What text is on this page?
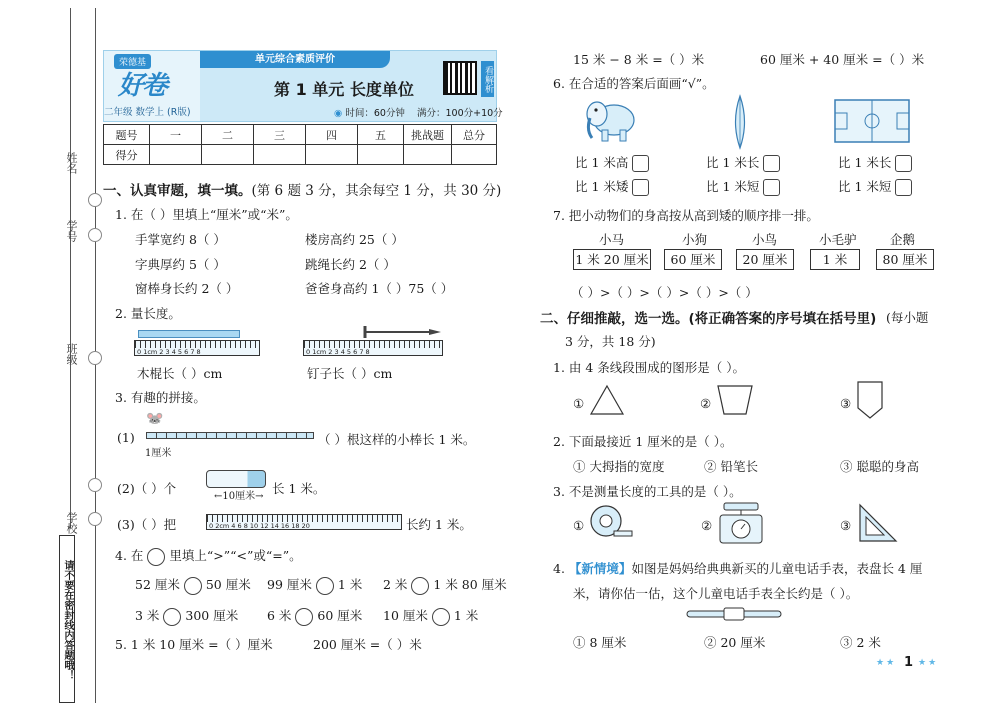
姓名
学号
班级
学校
请不要在密封线内答题哦！
荣德基
好卷
二年级 数学上 (R版)
单元综合素质评价
第 1 单元 长度单位
◉ 时间：60分钟 满分：100分+10分
看解析
题号	一	二	三	四	五	挑战题	总分
得分							
一、认真审题，填一填。(第 6 题 3 分，其余每空 1 分，共 30 分)
1. 在（ ）里填上“厘米”或“米”。
手掌宽约 8（ ）	楼房高约 25（ ）
字典厚约 5（ ）	跳绳长约 2（ ）
窗棒身长约 2（ ）	爸爸身高约 1（ ）75（ ）
2. 量长度。
0 1cm 2 3 4 5 6 7 8	0 1cm 2 3 4 5 6 7 8
木棍长（ ）cm	钉子长（ ）cm
3. 有趣的拼接。
(1)
🐭
1厘米
（ ）根这样的小棒长 1 米。
(2)（ ）个
←10厘米→
长 1 米。
(3)（ ）把	0 2cm 4 6 8 10 12 14 16 18 20	长约 1 米。
4. 在 里填上“>”“<”或“=”。
52 厘米 50 厘米 99 厘米 1 米 2 米 1 米 80 厘米
3 米 300 厘米 6 米 60 厘米 10 厘米 1 米
5. 1 米 10 厘米 =（ ）厘米	200 厘米 =（ ）米
15 米 − 8 米 =（ ）米	60 厘米 + 40 厘米 =（ ）米
6. 在合适的答案后面画“√”。
比 1 米高
比 1 米矮
比 1 米长
比 1 米短
比 1 米长
比 1 米短
7. 把小动物们的身高按从高到矮的顺序排一排。
小马	小狗	小鸟	小毛驴	企鹅
1 米 20 厘米	60 厘米	20 厘米	1 米	80 厘米
（ ）>（ ）>（ ）>（ ）>（ ）
二、仔细推敲，选一选。(将正确答案的序号填在括号里) (每小题
3 分，共 18 分)
1. 由 4 条线段围成的图形是（ ）。
①	②	③
2. 下面最接近 1 厘米的是（ ）。
① 大拇指的宽度	② 铅笔长	③ 聪聪的身高
3. 不是测量长度的工具的是（ ）。
①	②	③
4. 【新情境】如图是妈妈给典典新买的儿童电话手表，表盘长 4 厘
米，请你估一估，这个儿童电话手表全长约是（ ）。
① 8 厘米	② 20 厘米	③ 2 米
★★ 1 ★★
